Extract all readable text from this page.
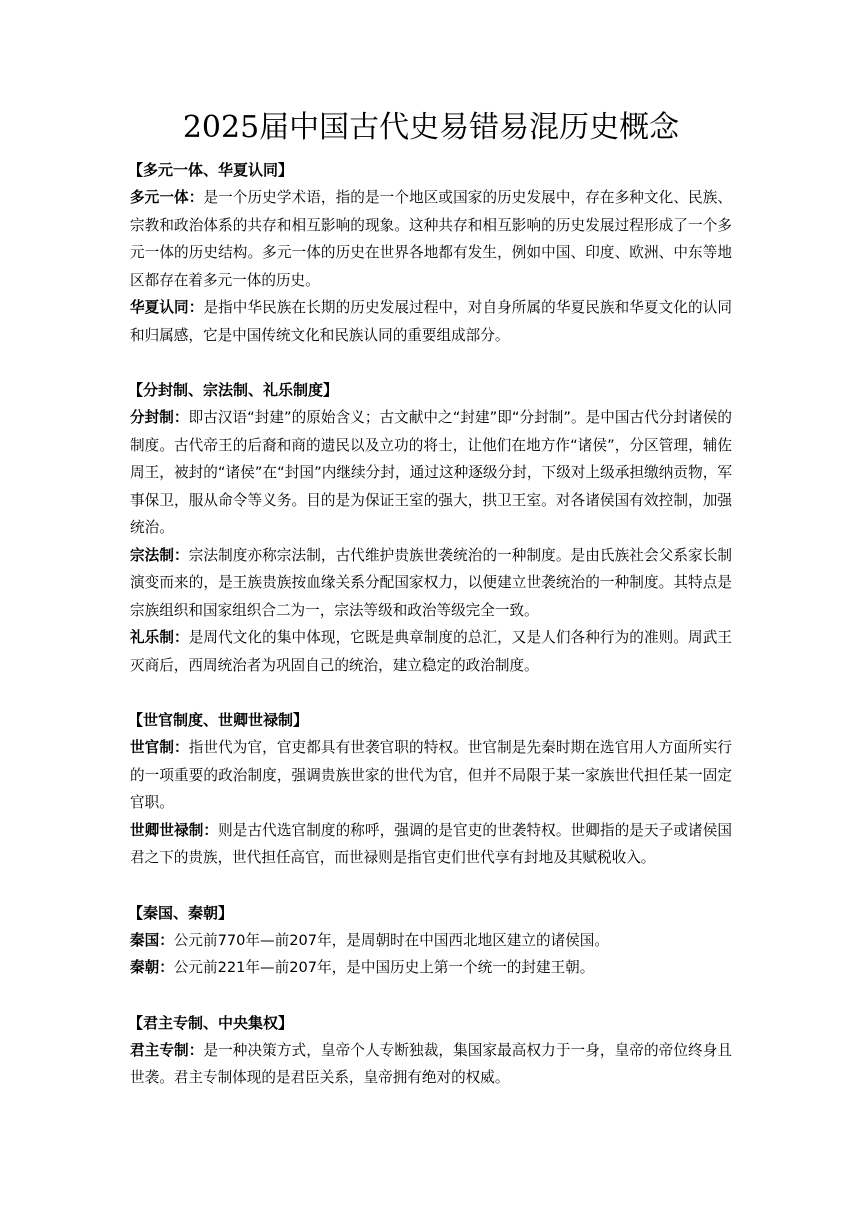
2025届中国古代史易错易混历史概念
【多元一体、华夏认同】

多元一体：是一个历史学术语，指的是一个地区或国家的历史发展中，存在多种文化、民族、宗教和政治体系的共存和相互影响的现象。这种共存和相互影响的历史发展过程形成了一个多元一体的历史结构。多元一体的历史在世界各地都有发生，例如中国、印度、欧洲、中东等地区都存在着多元一体的历史。

华夏认同：是指中华民族在长期的历史发展过程中，对自身所属的华夏民族和华夏文化的认同和归属感，它是中国传统文化和民族认同的重要组成部分。

【分封制、宗法制、礼乐制度】

分封制：即古汉语“封建”的原始含义；古文献中之“封建”即“分封制”。是中国古代分封诸侯的制度。古代帝王的后裔和商的遗民以及立功的将士，让他们在地方作“诸侯”，分区管理，辅佐周王，被封的“诸侯”在“封国”内继续分封，通过这种逐级分封，下级对上级承担缴纳贡物，军事保卫，服从命令等义务。目的是为保证王室的强大，拱卫王室。对各诸侯国有效控制，加强统治。

宗法制：宗法制度亦称宗法制，古代维护贵族世袭统治的一种制度。是由氏族社会父系家长制演变而来的，是王族贵族按血缘关系分配国家权力，以便建立世袭统治的一种制度。其特点是宗族组织和国家组织合二为一，宗法等级和政治等级完全一致。

礼乐制：是周代文化的集中体现，它既是典章制度的总汇，又是人们各种行为的准则。周武王灭商后，西周统治者为巩固自己的统治，建立稳定的政治制度。

【世官制度、世卿世禄制】

世官制：指世代为官，官吏都具有世袭官职的特权。世官制是先秦时期在选官用人方面所实行的一项重要的政治制度，强调贵族世家的世代为官，但并不局限于某一家族世代担任某一固定官职。

世卿世禄制：则是古代选官制度的称呼，强调的是官吏的世袭特权。世卿指的是天子或诸侯国君之下的贵族，世代担任高官，而世禄则是指官吏们世代享有封地及其赋税收入。

【秦国、秦朝】

秦国：公元前770年—前207年，是周朝时在中国西北地区建立的诸侯国。

秦朝：公元前221年—前207年，是中国历史上第一个统一的封建王朝。

【君主专制、中央集权】

君主专制：是一种决策方式，皇帝个人专断独裁，集国家最高权力于一身，皇帝的帝位终身且世袭。君主专制体现的是君臣关系，皇帝拥有绝对的权威。
